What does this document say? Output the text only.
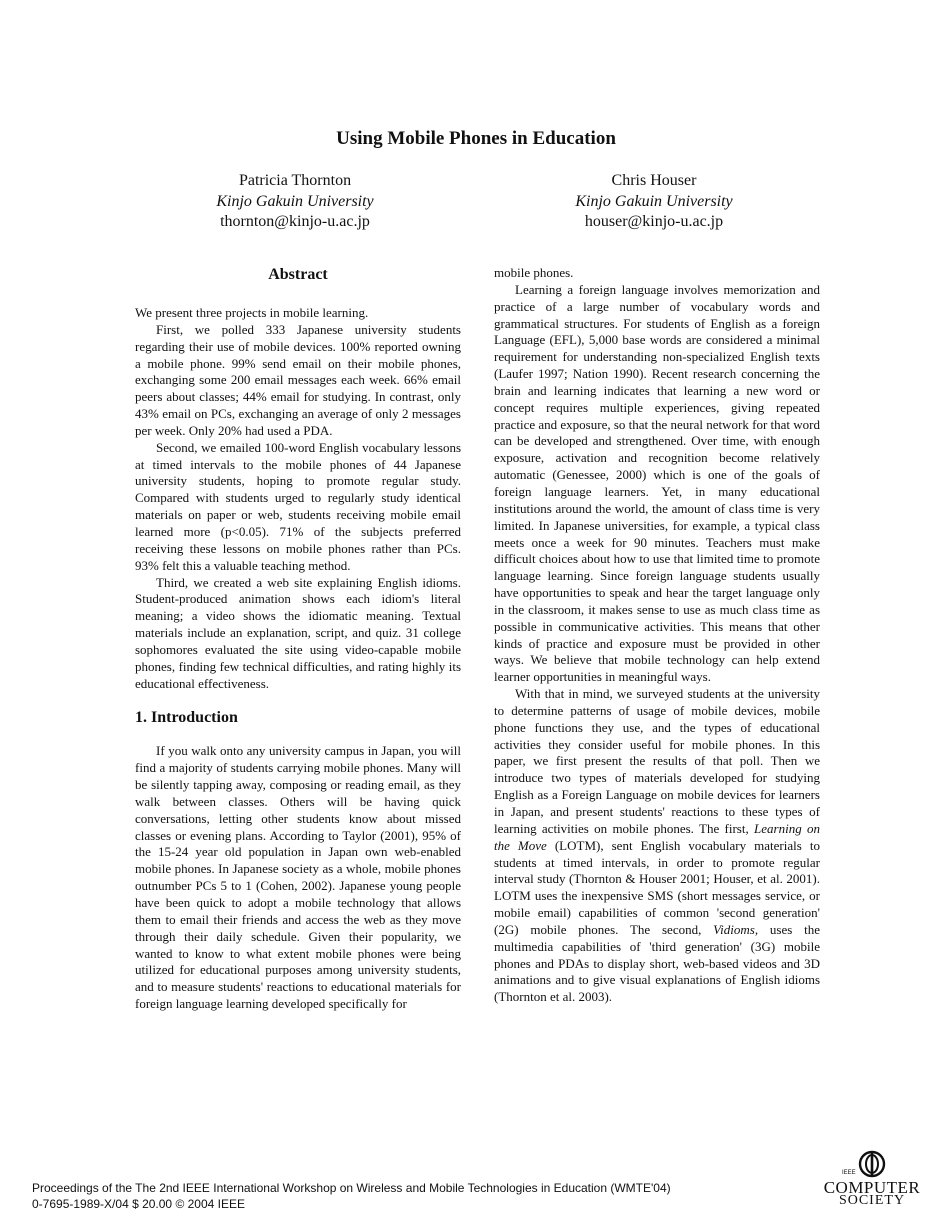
Using Mobile Phones in Education
Patricia Thornton
Kinjo Gakuin University
thornton@kinjo-u.ac.jp
Chris Houser
Kinjo Gakuin University
houser@kinjo-u.ac.jp
Abstract

We present three projects in mobile learning.

First, we polled 333 Japanese university students regarding their use of mobile devices. 100% reported owning a mobile phone. 99% send email on their mobile phones, exchanging some 200 email messages each week. 66% email peers about classes; 44% email for studying. In contrast, only 43% email on PCs, exchanging an average of only 2 messages per week. Only 20% had used a PDA.

Second, we emailed 100-word English vocabulary lessons at timed intervals to the mobile phones of 44 Japanese university students, hoping to promote regular study. Compared with students urged to regularly study identical materials on paper or web, students receiving mobile email learned more (p<0.05). 71% of the subjects preferred receiving these lessons on mobile phones rather than PCs. 93% felt this a valuable teaching method.

Third, we created a web site explaining English idioms. Student-produced animation shows each idiom's literal meaning; a video shows the idiomatic meaning. Textual materials include an explanation, script, and quiz. 31 college sophomores evaluated the site using video-capable mobile phones, finding few technical difficulties, and rating highly its educational effectiveness.

1. Introduction

If you walk onto any university campus in Japan, you will find a majority of students carrying mobile phones. Many will be silently tapping away, composing or reading email, as they walk between classes. Others will be having quick conversations, letting other students know about missed classes or evening plans. According to Taylor (2001), 95% of the 15-24 year old population in Japan own web-enabled mobile phones. In Japanese society as a whole, mobile phones outnumber PCs 5 to 1 (Cohen, 2002). Japanese young people have been quick to adopt a mobile technology that allows them to email their friends and access the web as they move through their daily schedule. Given their popularity, we wanted to know to what extent mobile phones were being utilized for educational purposes among university students, and to measure students' reactions to educational materials for foreign language learning developed specifically for

mobile phones.

Learning a foreign language involves memorization and practice of a large number of vocabulary words and grammatical structures. For students of English as a foreign Language (EFL), 5,000 base words are considered a minimal requirement for understanding non-specialized English texts (Laufer 1997; Nation 1990). Recent research concerning the brain and learning indicates that learning a new word or concept requires multiple experiences, giving repeated practice and exposure, so that the neural network for that word can be developed and strengthened. Over time, with enough exposure, activation and recognition become relatively automatic (Genessee, 2000) which is one of the goals of foreign language learners. Yet, in many educational institutions around the world, the amount of class time is very limited. In Japanese universities, for example, a typical class meets once a week for 90 minutes. Teachers must make difficult choices about how to use that limited time to promote language learning. Since foreign language students usually have opportunities to speak and hear the target language only in the classroom, it makes sense to use as much class time as possible in communicative activities. This means that other kinds of practice and exposure must be provided in other ways. We believe that mobile technology can help extend learner opportunities in meaningful ways.

With that in mind, we surveyed students at the university to determine patterns of usage of mobile devices, mobile phone functions they use, and the types of educational activities they consider useful for mobile phones. In this paper, we first present the results of that poll. Then we introduce two types of materials developed for studying English as a Foreign Language on mobile devices for learners in Japan, and present students' reactions to these types of learning activities on mobile phones. The first, Learning on the Move (LOTM), sent English vocabulary materials to students at timed intervals, in order to promote regular interval study (Thornton & Houser 2001; Houser, et al. 2001). LOTM uses the inexpensive SMS (short messages service, or mobile email) capabilities of common 'second generation' (2G) mobile phones. The second, Vidioms, uses the multimedia capabilities of 'third generation' (3G) mobile phones and PDAs to display short, web-based videos and 3D animations and to give visual explanations of English idioms (Thornton et al. 2003).

Proceedings of the The 2nd IEEE International Workshop on Wireless and Mobile Technologies in Education (WMTE'04)
0-7695-1989-X/04 $ 20.00 © 2004 IEEE
IEEE
COMPUTER
SOCIETY
